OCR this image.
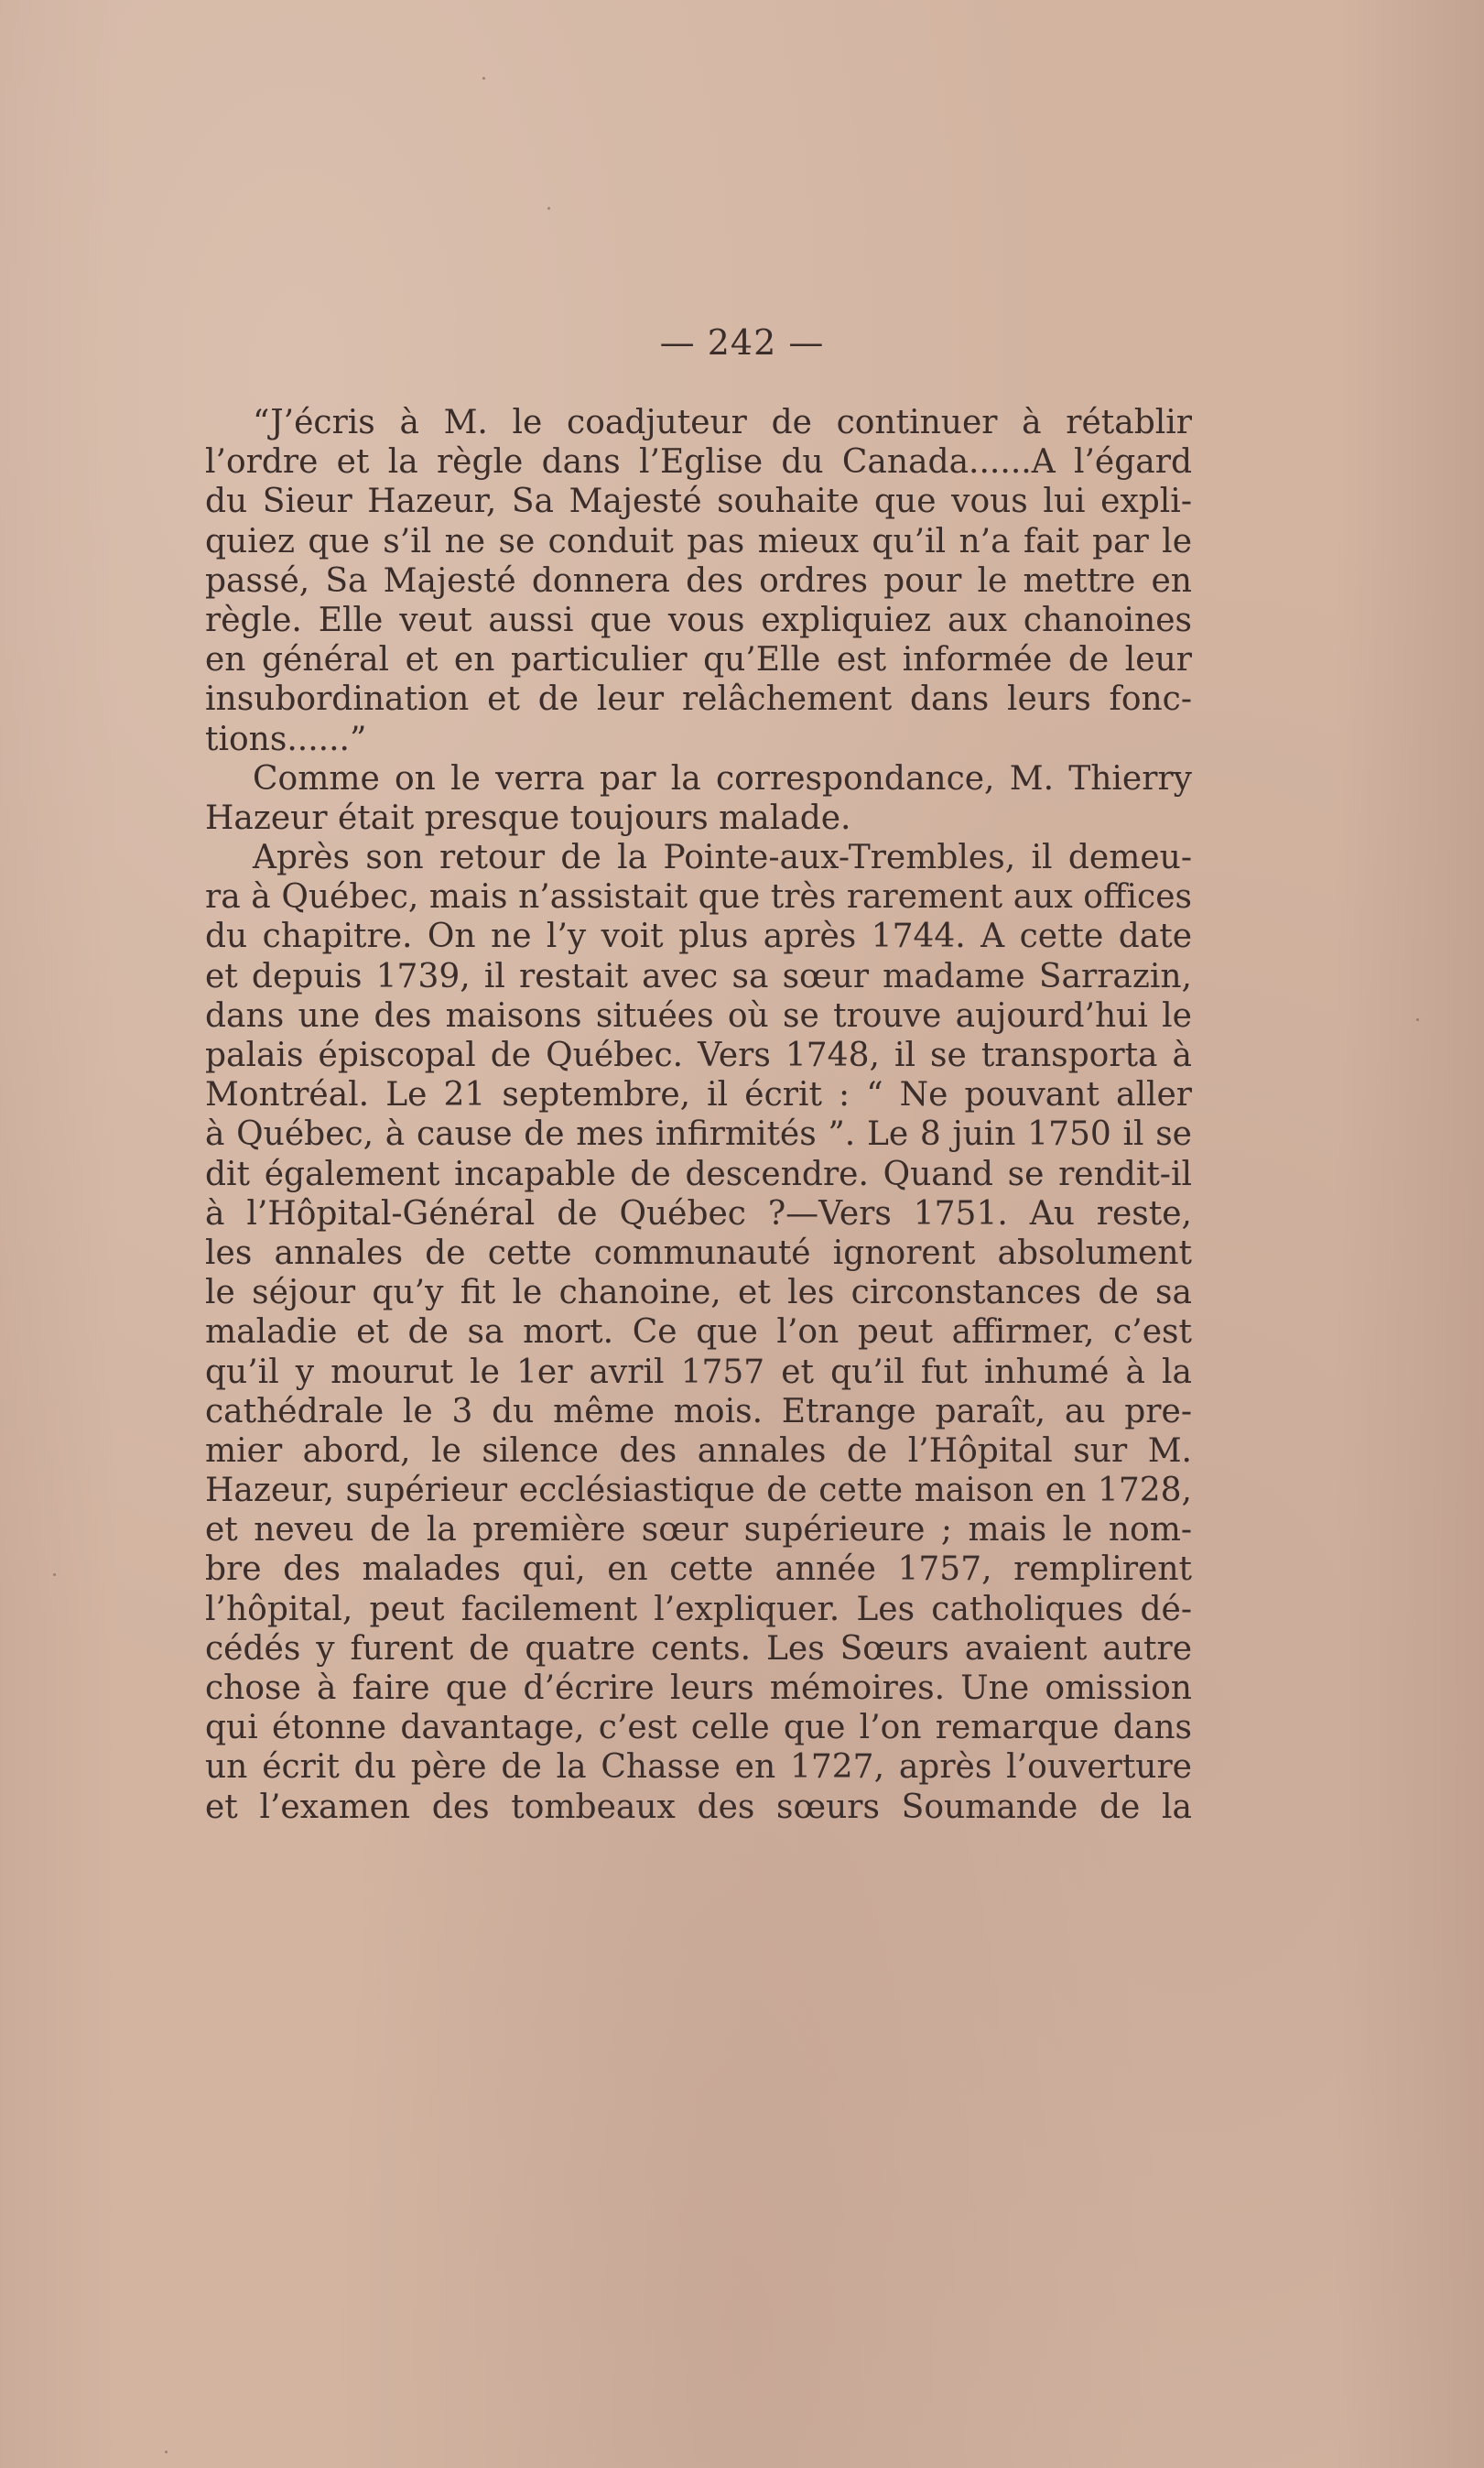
— 242 —
“J’écris à M. le coadjuteur de continuer à rétablir
l’ordre et la règle dans l’Eglise du Canada......A l’égard
du Sieur Hazeur, Sa Majesté souhaite que vous lui expli-
quiez que s’il ne se conduit pas mieux qu’il n’a fait par le
passé, Sa Majesté donnera des ordres pour le mettre en
règle. Elle veut aussi que vous expliquiez aux chanoines
en général et en particulier qu’Elle est informée de leur
insubordination et de leur relâchement dans leurs fonc-
tions......”
Comme on le verra par la correspondance, M. Thierry
Hazeur était presque toujours malade.
Après son retour de la Pointe-aux-Trembles, il demeu-
ra à Québec, mais n’assistait que très rarement aux offices
du chapitre. On ne l’y voit plus après 1744. A cette date
et depuis 1739, il restait avec sa sœur madame Sarrazin,
dans une des maisons situées où se trouve aujourd’hui le
palais épiscopal de Québec. Vers 1748, il se transporta à
Montréal. Le 21 septembre, il écrit : “ Ne pouvant aller
à Québec, à cause de mes infirmités ”. Le 8 juin 1750 il se
dit également incapable de descendre. Quand se rendit-il
à l’Hôpital-Général de Québec ?—Vers 1751. Au reste,
les annales de cette communauté ignorent absolument
le séjour qu’y fit le chanoine, et les circonstances de sa
maladie et de sa mort. Ce que l’on peut affirmer, c’est
qu’il y mourut le 1er avril 1757 et qu’il fut inhumé à la
cathédrale le 3 du même mois. Etrange paraît, au pre-
mier abord, le silence des annales de l’Hôpital sur M.
Hazeur, supérieur ecclésiastique de cette maison en 1728,
et neveu de la première sœur supérieure ; mais le nom-
bre des malades qui, en cette année 1757, remplirent
l’hôpital, peut facilement l’expliquer. Les catholiques dé-
cédés y furent de quatre cents. Les Sœurs avaient autre
chose à faire que d’écrire leurs mémoires. Une omission
qui étonne davantage, c’est celle que l’on remarque dans
un écrit du père de la Chasse en 1727, après l’ouverture
et l’examen des tombeaux des sœurs Soumande de la
